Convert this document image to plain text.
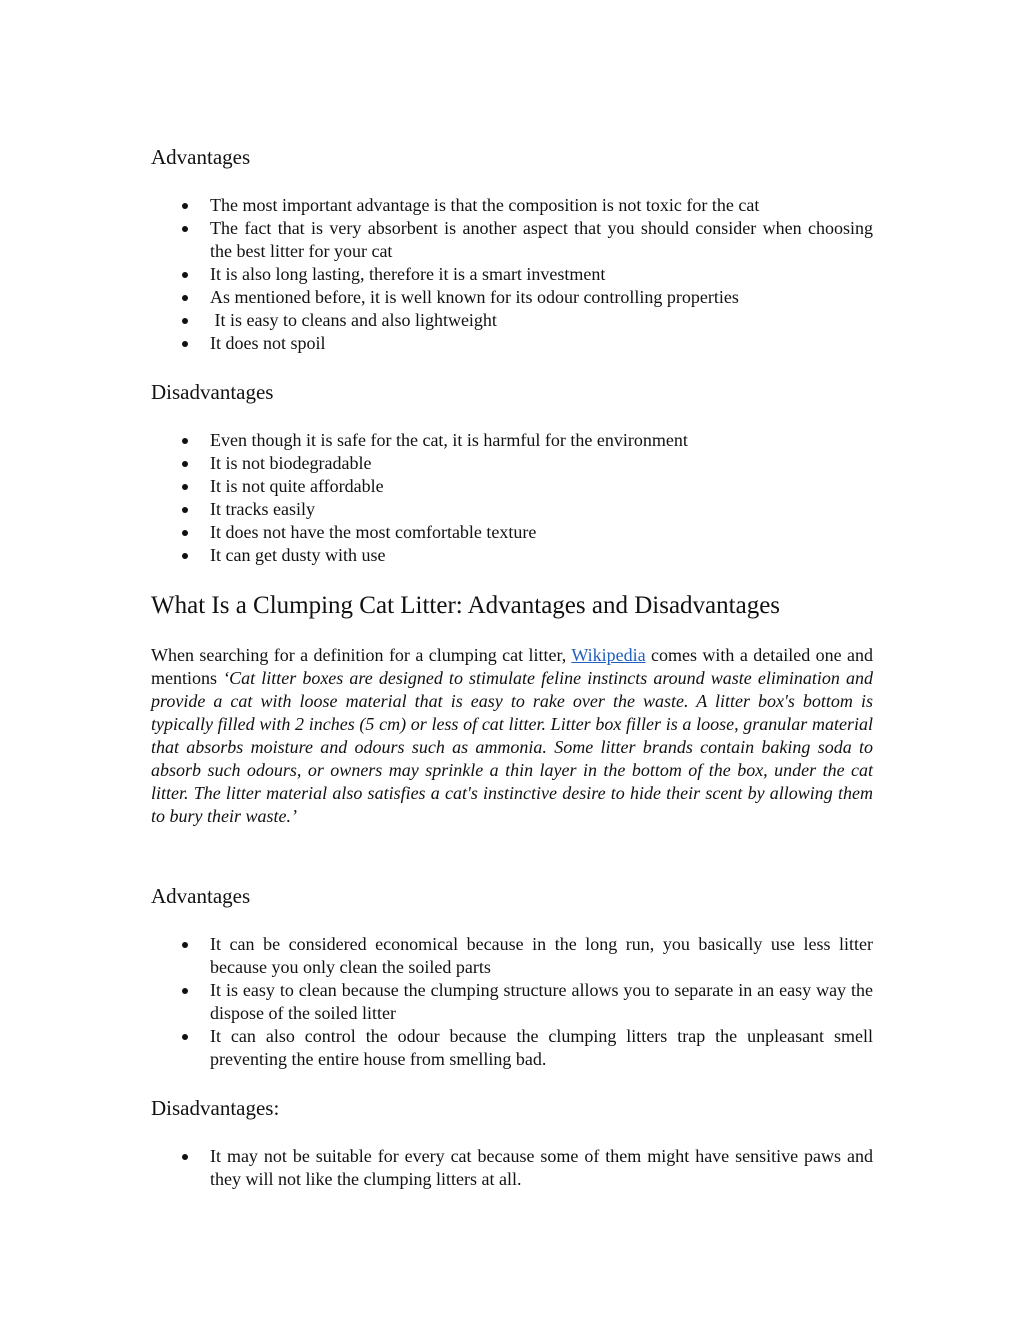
Advantages
The most important advantage is that the composition is not toxic for the cat
The fact that is very absorbent is another aspect that you should consider when choosing the best litter for your cat
It is also long lasting, therefore it is a smart investment
As mentioned before, it is well known for its odour controlling properties
It is easy to cleans and also lightweight
It does not spoil
Disadvantages
Even though it is safe for the cat, it is harmful for the environment
It is not biodegradable
It is not quite affordable
It tracks easily
It does not have the most comfortable texture
It can get dusty with use
What Is a Clumping Cat Litter: Advantages and Disadvantages

When searching for a definition for a clumping cat litter, Wikipedia comes with a detailed one and mentions ‘Cat litter boxes are designed to stimulate feline instincts around waste elimination and provide a cat with loose material that is easy to rake over the waste. A litter box's bottom is typically filled with 2 inches (5 cm) or less of cat litter. Litter box filler is a loose, granular material that absorbs moisture and odours such as ammonia. Some litter brands contain baking soda to absorb such odours, or owners may sprinkle a thin layer in the bottom of the box, under the cat litter. The litter material also satisfies a cat's instinctive desire to hide their scent by allowing them to bury their waste.’

Advantages
It can be considered economical because in the long run, you basically use less litter because you only clean the soiled parts
It is easy to clean because the clumping structure allows you to separate in an easy way the dispose of the soiled litter
It can also control the odour because the clumping litters trap the unpleasant smell preventing the entire house from smelling bad.
Disadvantages:
It may not be suitable for every cat because some of them might have sensitive paws and they will not like the clumping litters at all.
